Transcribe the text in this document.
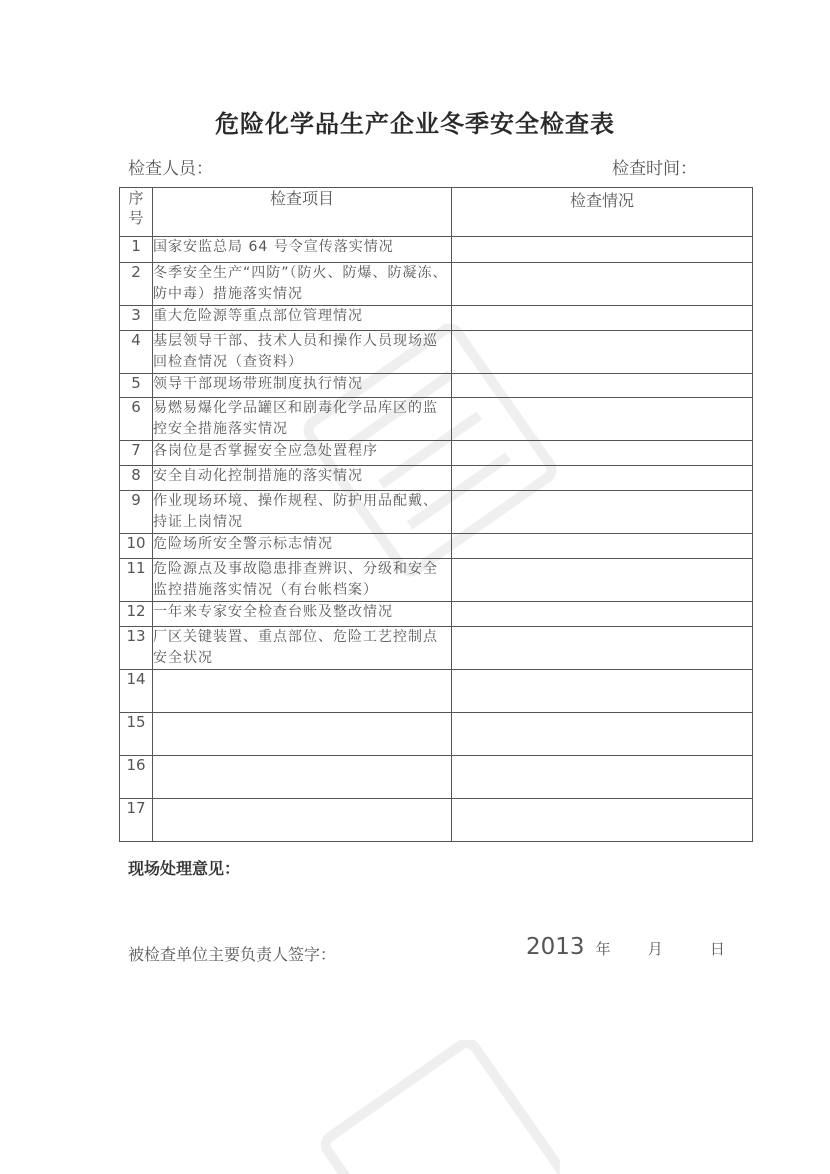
危险化学品生产企业冬季安全检查表
检查人员：	检查时间：
序
号	检查项目	检查情况
1	国家安监总局 64 号令宣传落实情况	
2	冬季安全生产“四防”（防火、防爆、防凝冻、防中毒）措施落实情况	
3	重大危险源等重点部位管理情况	
4	基层领导干部、技术人员和操作人员现场巡回检查情况（查资料）	
5	领导干部现场带班制度执行情况	
6	易燃易爆化学品罐区和剧毒化学品库区的监控安全措施落实情况	
7	各岗位是否掌握安全应急处置程序	
8	安全自动化控制措施的落实情况	
9	作业现场环境、操作规程、防护用品配戴、持证上岗情况	
10	危险场所安全警示标志情况	
11	危险源点及事故隐患排查辨识、分级和安全监控措施落实情况（有台帐档案）	
12	一年来专家安全检查台账及整改情况	
13	厂区关键装置、重点部位、危险工艺控制点安全状况	
14		
15		
16		
17		
现场处理意见：
被检查单位主要负责人签字：	2013 年 月	日
